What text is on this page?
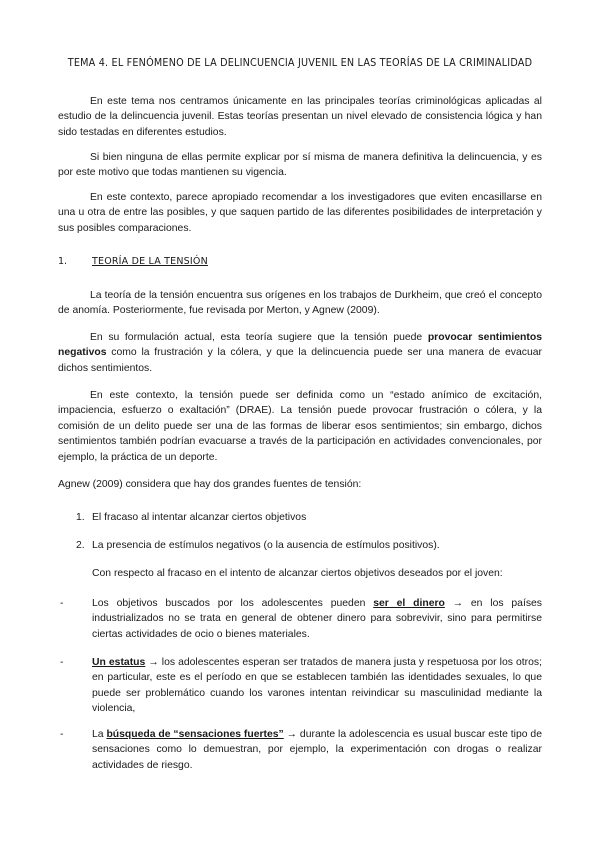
TEMA 4. EL FENÓMENO DE LA DELINCUENCIA JUVENIL EN LAS TEORÍAS DE LA CRIMINALIDAD

En este tema nos centramos únicamente en las principales teorías criminológicas aplicadas al estudio de la delincuencia juvenil. Estas teorías presentan un nivel elevado de consistencia lógica y han sido testadas en diferentes estudios.

Si bien ninguna de ellas permite explicar por sí misma de manera definitiva la delincuencia, y es por este motivo que todas mantienen su vigencia.

En este contexto, parece apropiado recomendar a los investigadores que eviten encasillarse en una u otra de entre las posibles, y que saquen partido de las diferentes posibilidades de interpretación y sus posibles comparaciones.

1.	TEORÍA DE LA TENSIÓN

La teoría de la tensión encuentra sus orígenes en los trabajos de Durkheim, que creó el concepto de anomía. Posteriormente, fue revisada por Merton, y Agnew (2009).

En su formulación actual, esta teoría sugiere que la tensión puede provocar sentimientos negativos como la frustración y la cólera, y que la delincuencia puede ser una manera de evacuar dichos sentimientos.

En este contexto, la tensión puede ser definida como un “estado anímico de excitación, impaciencia, esfuerzo o exaltación” (DRAE). La tensión puede provocar frustración o cólera, y la comisión de un delito puede ser una de las formas de liberar esos sentimientos; sin embargo, dichos sentimientos también podrían evacuarse a través de la participación en actividades convencionales, por ejemplo, la práctica de un deporte.

Agnew (2009) considera que hay dos grandes fuentes de tensión:

1. El fracaso al intentar alcanzar ciertos objetivos
2. La presencia de estímulos negativos (o la ausencia de estímulos positivos).
Con respecto al fracaso en el intento de alcanzar ciertos objetivos deseados por el joven:
-	Los objetivos buscados por los adolescentes pueden ser el dinero → en los países industrializados no se trata en general de obtener dinero para sobrevivir, sino para permitirse ciertas actividades de ocio o bienes materiales.

-	Un estatus → los adolescentes esperan ser tratados de manera justa y respetuosa por los otros; en particular, este es el período en que se establecen también las identidades sexuales, lo que puede ser problemático cuando los varones intentan reivindicar su masculinidad mediante la violencia,

-	La búsqueda de “sensaciones fuertes” → durante la adolescencia es usual buscar este tipo de sensaciones como lo demuestran, por ejemplo, la experimentación con drogas o realizar actividades de riesgo.
